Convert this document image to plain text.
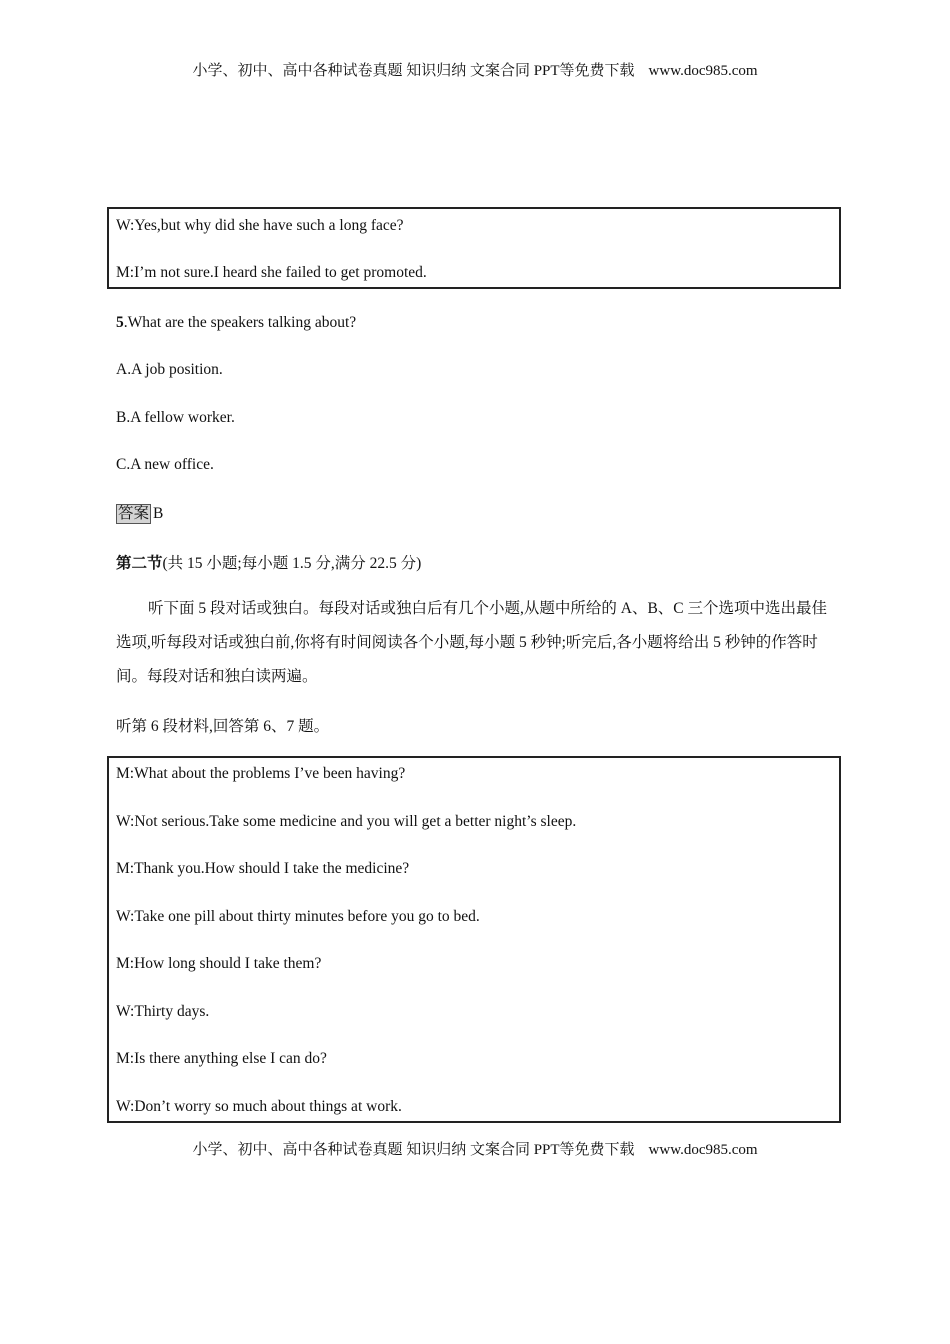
小学、初中、高中各种试卷真题 知识归纳 文案合同 PPT等免费下载 www.doc985.com
W:Yes,but why did she have such a long face?
M:I’m not sure.I heard she failed to get promoted.
5.What are the speakers talking about?
A.A job position.
B.A fellow worker.
C.A new office.
答案 B
第二节(共 15 小题;每小题 1.5 分,满分 22.5 分)
听下面 5 段对话或独白。每段对话或独白后有几个小题,从题中所给的 A、B、C 三个选项中选出最佳选项,听每段对话或独白前,你将有时间阅读各个小题,每小题 5 秒钟;听完后,各小题将给出 5 秒钟的作答时间。每段对话和独白读两遍。
听第 6 段材料,回答第 6、7 题。
M:What about the problems I’ve been having?
W:Not serious.Take some medicine and you will get a better night’s sleep.
M:Thank you.How should I take the medicine?
W:Take one pill about thirty minutes before you go to bed.
M:How long should I take them?
W:Thirty days.
M:Is there anything else I can do?
W:Don’t worry so much about things at work.
小学、初中、高中各种试卷真题 知识归纳 文案合同 PPT等免费下载 www.doc985.com
